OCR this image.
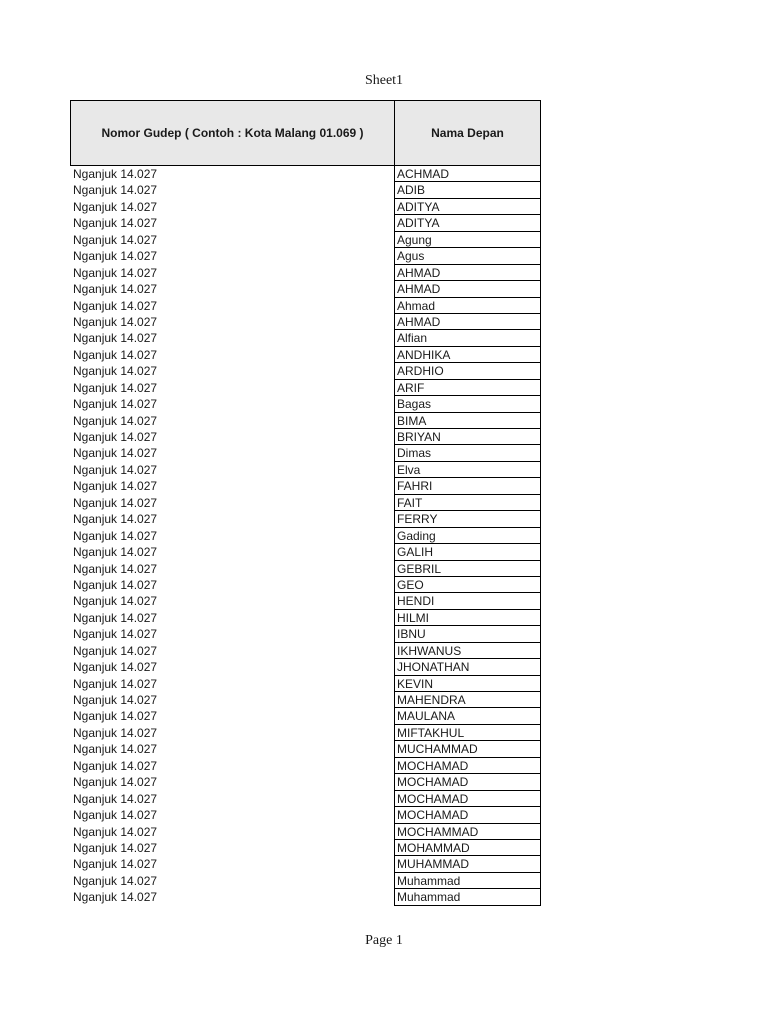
Sheet1
Nomor Gudep ( Contoh : Kota Malang 01.069 )	Nama Depan
Nganjuk 14.027	ACHMAD
Nganjuk 14.027	ADIB
Nganjuk 14.027	ADITYA
Nganjuk 14.027	ADITYA
Nganjuk 14.027	Agung
Nganjuk 14.027	Agus
Nganjuk 14.027	AHMAD
Nganjuk 14.027	AHMAD
Nganjuk 14.027	Ahmad
Nganjuk 14.027	AHMAD
Nganjuk 14.027	Alfian
Nganjuk 14.027	ANDHIKA
Nganjuk 14.027	ARDHIO
Nganjuk 14.027	ARIF
Nganjuk 14.027	Bagas
Nganjuk 14.027	BIMA
Nganjuk 14.027	BRIYAN
Nganjuk 14.027	Dimas
Nganjuk 14.027	Elva
Nganjuk 14.027	FAHRI
Nganjuk 14.027	FAIT
Nganjuk 14.027	FERRY
Nganjuk 14.027	Gading
Nganjuk 14.027	GALIH
Nganjuk 14.027	GEBRIL
Nganjuk 14.027	GEO
Nganjuk 14.027	HENDI
Nganjuk 14.027	HILMI
Nganjuk 14.027	IBNU
Nganjuk 14.027	IKHWANUS
Nganjuk 14.027	JHONATHAN
Nganjuk 14.027	KEVIN
Nganjuk 14.027	MAHENDRA
Nganjuk 14.027	MAULANA
Nganjuk 14.027	MIFTAKHUL
Nganjuk 14.027	MUCHAMMAD
Nganjuk 14.027	MOCHAMAD
Nganjuk 14.027	MOCHAMAD
Nganjuk 14.027	MOCHAMAD
Nganjuk 14.027	MOCHAMAD
Nganjuk 14.027	MOCHAMMAD
Nganjuk 14.027	MOHAMMAD
Nganjuk 14.027	MUHAMMAD
Nganjuk 14.027	Muhammad
Nganjuk 14.027	Muhammad
Page 1
